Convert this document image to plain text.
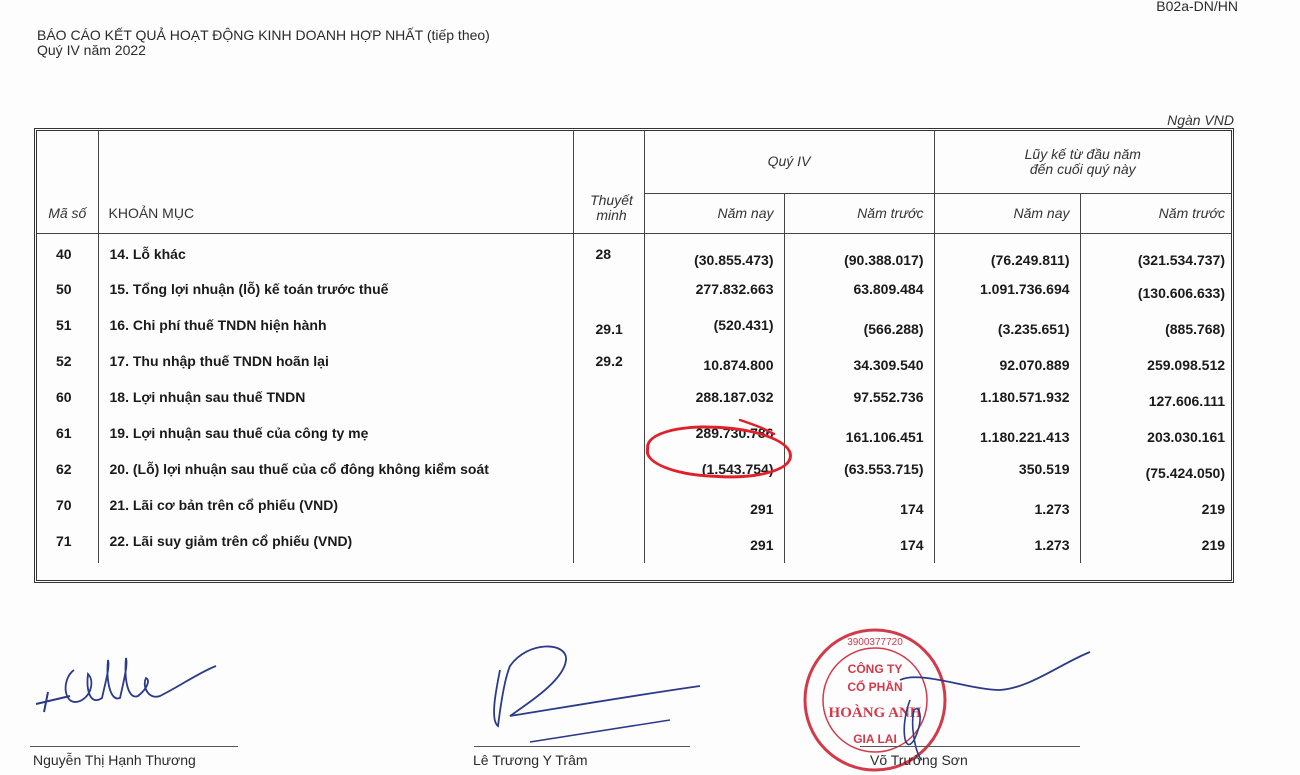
B02a-DN/HN
BÁO CÁO KẾT QUẢ HOẠT ĐỘNG KINH DOANH HỢP NHẤT (tiếp theo)
Quý IV năm 2022
Ngàn VND
Mã số	KHOẢN MỤC	Thuyết minh	Quý IV		Lũy kế từ đầu năm
đến cuối quý này	

			Năm nay	Năm trước	Năm nay	Năm trước
40	14. Lỗ khác	28	(30.855.473)	(90.388.017)	(76.249.811)	(321.534.737)
50	15. Tổng lợi nhuận (lỗ) kế toán trước thuế		277.832.663	63.809.484	1.091.736.694	(130.606.633)
51	16. Chi phí thuế TNDN hiện hành	29.1	(520.431)	(566.288)	(3.235.651)	(885.768)
52	17. Thu nhập thuế TNDN hoãn lại	29.2	10.874.800	34.309.540	92.070.889	259.098.512
60	18. Lợi nhuận sau thuế TNDN		288.187.032	97.552.736	1.180.571.932	127.606.111
61	19. Lợi nhuận sau thuế của công ty mẹ		289.730.786	161.106.451	1.180.221.413	203.030.161
62	20. (Lỗ) lợi nhuận sau thuế của cổ đông không kiểm soát		(1.543.754)	(63.553.715)	350.519	(75.424.050)
70	21. Lãi cơ bản trên cổ phiếu (VND)		291	174	1.273	219
71	22. Lãi suy giảm trên cổ phiếu (VND)		291	174	1.273	219
Nguyễn Thị Hạnh Thương	Lê Trương Y Trâm
3900377720
CÔNG TY
CỔ PHẦN
HOÀNG ANH
GIA LAI
Võ Trường Sơn
